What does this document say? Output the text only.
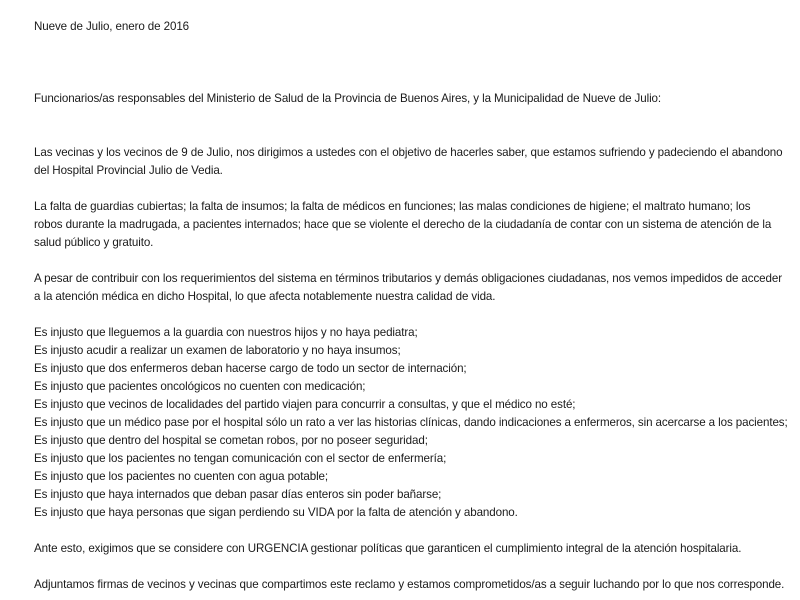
Nueve de Julio, enero de 2016
Funcionarios/as responsables del Ministerio de Salud de la Provincia de Buenos Aires, y la Municipalidad de Nueve de Julio:
Las vecinas y los vecinos de 9 de Julio, nos dirigimos a ustedes con el objetivo de hacerles saber, que estamos sufriendo y padeciendo el abandono
del Hospital Provincial Julio de Vedia.
La falta de guardias cubiertas; la falta de insumos; la falta de médicos en funciones; las malas condiciones de higiene; el maltrato humano; los
robos durante la madrugada, a pacientes internados; hace que se violente el derecho de la ciudadanía de contar con un sistema de atención de la
salud público y gratuito.
A pesar de contribuir con los requerimientos del sistema en términos tributarios y demás obligaciones ciudadanas, nos vemos impedidos de acceder
a la atención médica en dicho Hospital, lo que afecta notablemente nuestra calidad de vida.
Es injusto que lleguemos a la guardia con nuestros hijos y no haya pediatra;
Es injusto acudir a realizar un examen de laboratorio y no haya insumos;
Es injusto que dos enfermeros deban hacerse cargo de todo un sector de internación;
Es injusto que pacientes oncológicos no cuenten con medicación;
Es injusto que vecinos de localidades del partido viajen para concurrir a consultas, y que el médico no esté;
Es injusto que un médico pase por el hospital sólo un rato a ver las historias clínicas, dando indicaciones a enfermeros, sin acercarse a los pacientes;
Es injusto que dentro del hospital se cometan robos, por no poseer seguridad;
Es injusto que los pacientes no tengan comunicación con el sector de enfermería;
Es injusto que los pacientes no cuenten con agua potable;
Es injusto que haya internados que deban pasar días enteros sin poder bañarse;
Es injusto que haya personas que sigan perdiendo su VIDA por la falta de atención y abandono.
Ante esto, exigimos que se considere con URGENCIA gestionar políticas que garanticen el cumplimiento integral de la atención hospitalaria.
Adjuntamos firmas de vecinos y vecinas que compartimos este reclamo y estamos comprometidos/as a seguir luchando por lo que nos corresponde.
